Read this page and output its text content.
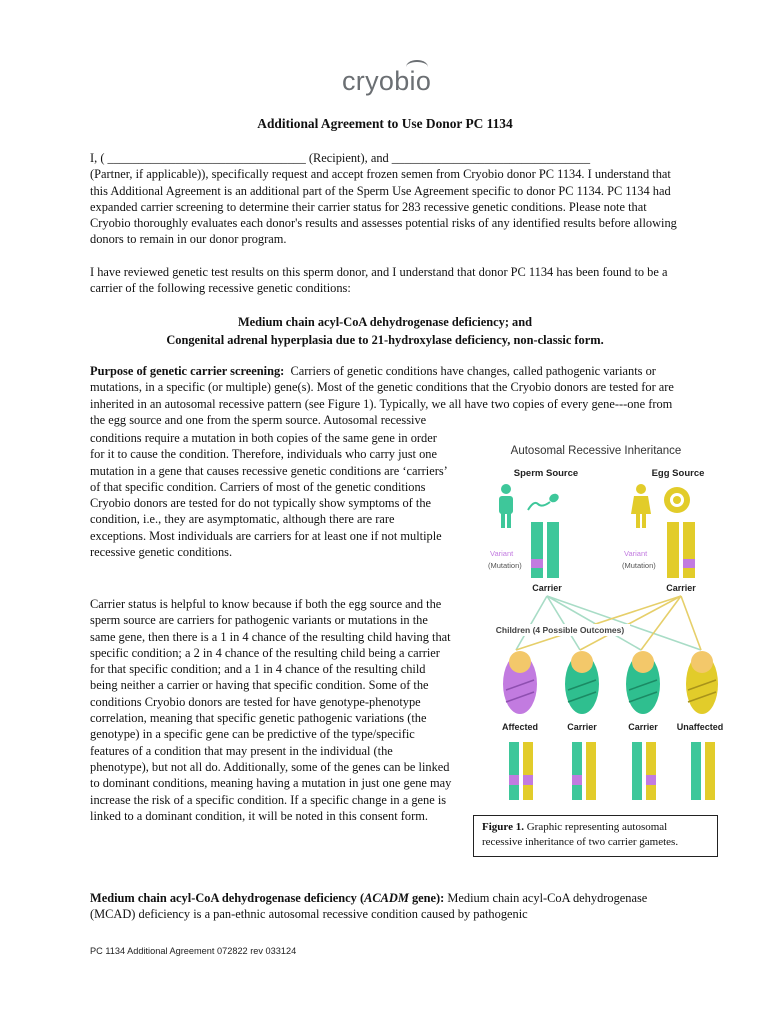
cryobio
Additional Agreement to Use Donor PC 1134
I, ( ________________________________ (Recipient), and ________________________________
(Partner, if applicable)), specifically request and accept frozen semen from Cryobio donor PC 1134. I understand that this Additional Agreement is an additional part of the Sperm Use Agreement specific to donor PC 1134. PC 1134 had expanded carrier screening to determine their carrier status for 283 recessive genetic conditions. Please note that Cryobio thoroughly evaluates each donor's results and assesses potential risks of any identified results before allowing donors to remain in our donor program.
I have reviewed genetic test results on this sperm donor, and I understand that donor PC 1134 has been found to be a carrier of the following recessive genetic conditions:
Medium chain acyl-CoA dehydrogenase deficiency; and
Congenital adrenal hyperplasia due to 21-hydroxylase deficiency, non-classic form.
Purpose of genetic carrier screening: Carriers of genetic conditions have changes, called pathogenic variants or mutations, in a specific (or multiple) gene(s). Most of the genetic conditions that the Cryobio donors are tested for are inherited in an autosomal recessive pattern (see Figure 1). Typically, we all have two copies of every gene---one from the egg source and one from the sperm source. Autosomal recessive
conditions require a mutation in both copies of the same gene in order for it to cause the condition. Therefore, individuals who carry just one mutation in a gene that causes recessive genetic conditions are ‘carriers’ of that specific condition. Carriers of most of the genetic conditions Cryobio donors are tested for do not typically show symptoms of the condition, i.e., they are asymptomatic, although there are rare exceptions. Most individuals are carriers for at least one if not multiple recessive genetic conditions.
Carrier status is helpful to know because if both the egg source and the sperm source are carriers for pathogenic variants or mutations in the same gene, then there is a 1 in 4 chance of the resulting child having that specific condition; a 2 in 4 chance of the resulting child being a carrier for that specific condition; and a 1 in 4 chance of the resulting child being neither a carrier or having that specific condition. Some of the conditions Cryobio donors are tested for have genotype-phenotype correlation, meaning that specific genetic pathogenic variations (the genotype) in a specific gene can be predictive of the type/specific features of a condition that may present in the individual (the phenotype), but not all do. Additionally, some of the genes can be linked to dominant conditions, meaning having a mutation in just one gene may increase the risk of a specific condition. If a specific change in a gene is linked to a dominant condition, it will be noted in this consent form.
Autosomal Recessive Inheritance
Sperm Source	Egg Source
Variant
(Mutation)
Variant
(Mutation)
Carrier	Carrier
Children (4 Possible Outcomes)
Affected	Carrier	Carrier Unaffected
Figure 1. Graphic representing autosomal recessive inheritance of two carrier gametes.
Medium chain acyl-CoA dehydrogenase deficiency (ACADM gene): Medium chain acyl-CoA dehydrogenase (MCAD) deficiency is a pan-ethnic autosomal recessive condition caused by pathogenic
PC 1134 Additional Agreement 072822 rev 033124
